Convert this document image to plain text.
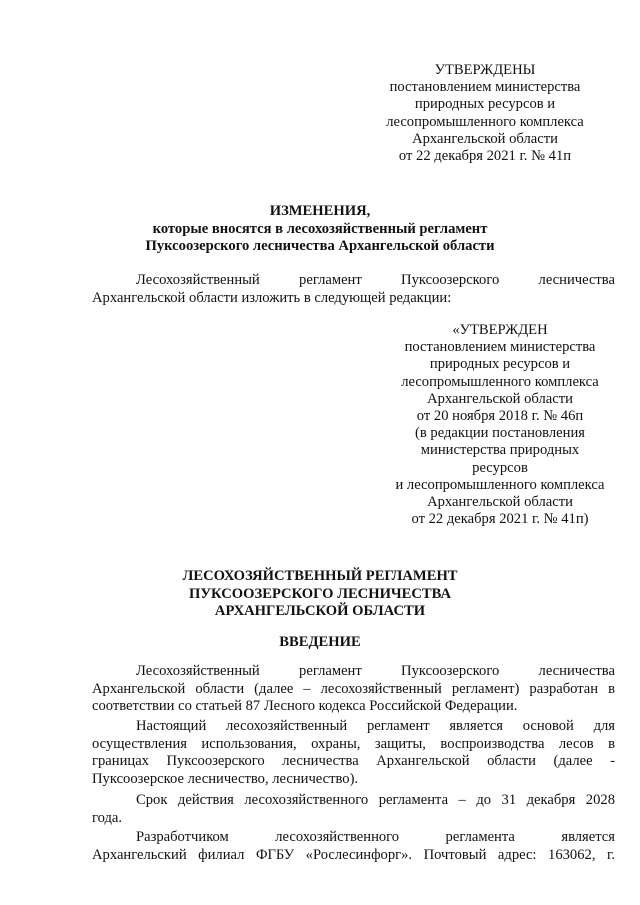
УТВЕРЖДЕНЫ
постановлением министерства
природных ресурсов и
лесопромышленного комплекса
Архангельской области
от 22 декабря 2021 г. № 41п
ИЗМЕНЕНИЯ,
которые вносятся в лесохозяйственный регламент
Пуксоозерского лесничества Архангельской области
Лесохозяйственный регламент Пуксоозерского лесничества
Архангельской области изложить в следующей редакции:
«УТВЕРЖДЕН
постановлением министерства
природных ресурсов и
лесопромышленного комплекса
Архангельской области
от 20 ноября 2018 г. № 46п
(в редакции постановления
министерства природных
ресурсов
и лесопромышленного комплекса
Архангельской области
от 22 декабря 2021 г. № 41п)
ЛЕСОХОЗЯЙСТВЕННЫЙ РЕГЛАМЕНТ
ПУКСООЗЕРСКОГО ЛЕСНИЧЕСТВА
АРХАНГЕЛЬСКОЙ ОБЛАСТИ
ВВЕДЕНИЕ
Лесохозяйственный регламент Пуксоозерского лесничества
Архангельской области (далее – лесохозяйственный регламент) разработан в
соответствии со статьей 87 Лесного кодекса Российской Федерации.
Настоящий лесохозяйственный регламент является основой для
осуществления использования, охраны, защиты, воспроизводства лесов в
границах Пуксоозерского лесничества Архангельской области (далее -
Пуксоозерское лесничество, лесничество).
Срок действия лесохозяйственного регламента – до 31 декабря 2028
года.
Разработчиком лесохозяйственного регламента является
Архангельский филиал ФГБУ «Рослесинфорг». Почтовый адрес: 163062, г.
